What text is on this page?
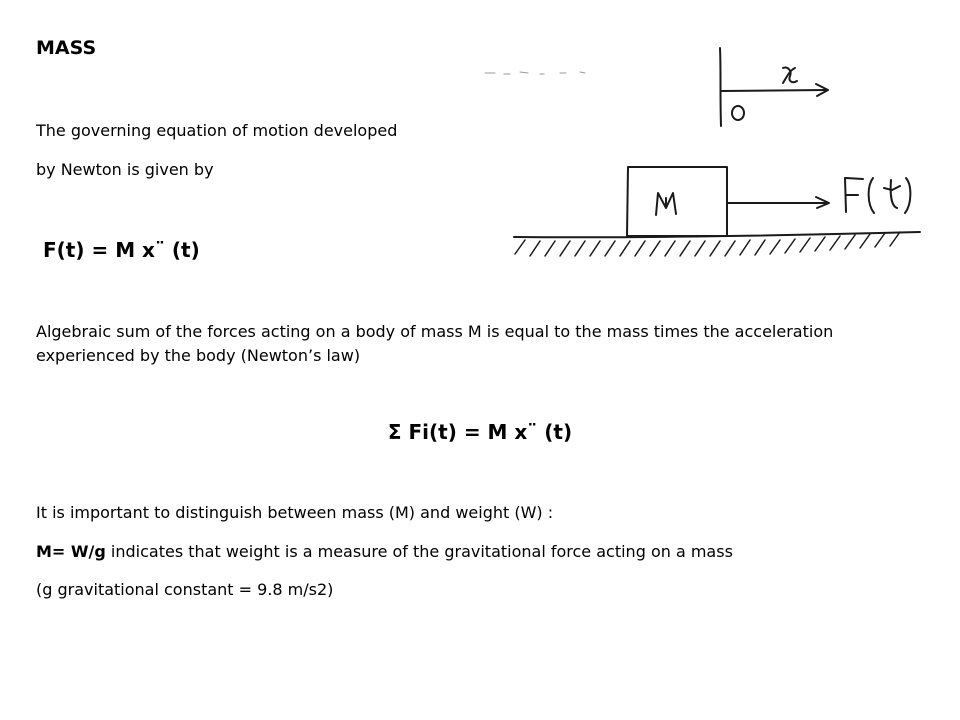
MASS
The governing equation of motion developed
by Newton is given by
F(t) = M x¨ (t)
Algebraic sum of the forces acting on a body of mass M is equal to the mass times the acceleration experienced by the body (Newton’s law)
Σ Fi(t) = M x¨ (t)
It is important to distinguish between mass (M) and weight (W) :
M= W/g indicates that weight is a measure of the gravitational force acting on a mass
(g gravitational constant = 9.8 m/s2)
